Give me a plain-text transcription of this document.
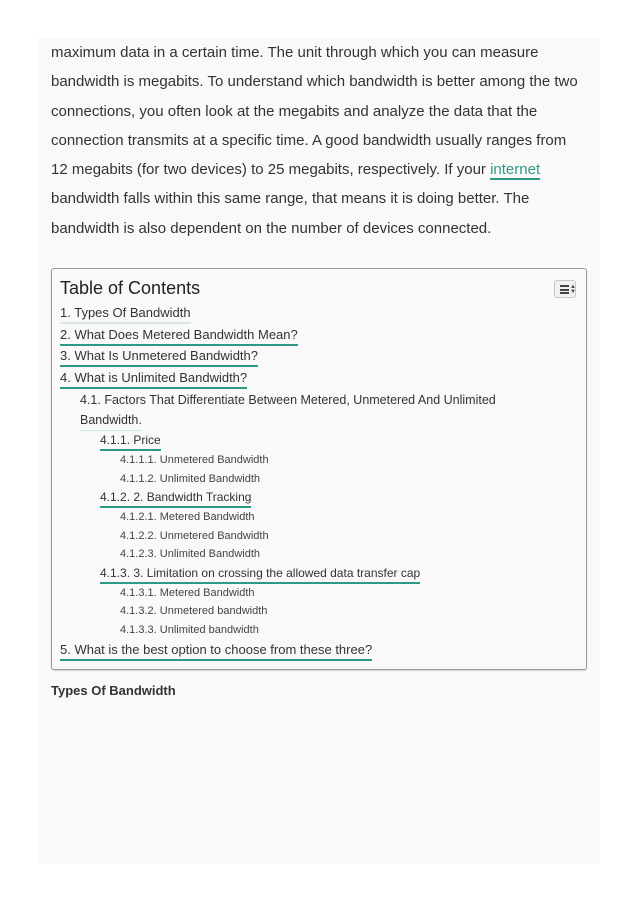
maximum data in a certain time. The unit through which you can measure
bandwidth is megabits. To understand which bandwidth is better among the two
connections, you often look at the megabits and analyze the data that the
connection transmits at a specific time. A good bandwidth usually ranges from
12 megabits (for two devices) to 25 megabits, respectively. If your internet
bandwidth falls within this same range, that means it is doing better. The
bandwidth is also dependent on the number of devices connected.
Table of Contents	▲
▼
1. Types Of Bandwidth
2. What Does Metered Bandwidth Mean?
3. What Is Unmetered Bandwidth?
4. What is Unlimited Bandwidth?
4.1. Factors That Differentiate Between Metered, Unmetered And Unlimited
Bandwidth.
4.1.1. Price
4.1.1.1. Unmetered Bandwidth
4.1.1.2. Unlimited Bandwidth
4.1.2. 2. Bandwidth Tracking
4.1.2.1. Metered Bandwidth
4.1.2.2. Unmetered Bandwidth
4.1.2.3. Unlimited Bandwidth
4.1.3. 3. Limitation on crossing the allowed data transfer cap
4.1.3.1. Metered Bandwidth
4.1.3.2. Unmetered bandwidth
4.1.3.3. Unlimited bandwidth
5. What is the best option to choose from these three?
Types Of Bandwidth
